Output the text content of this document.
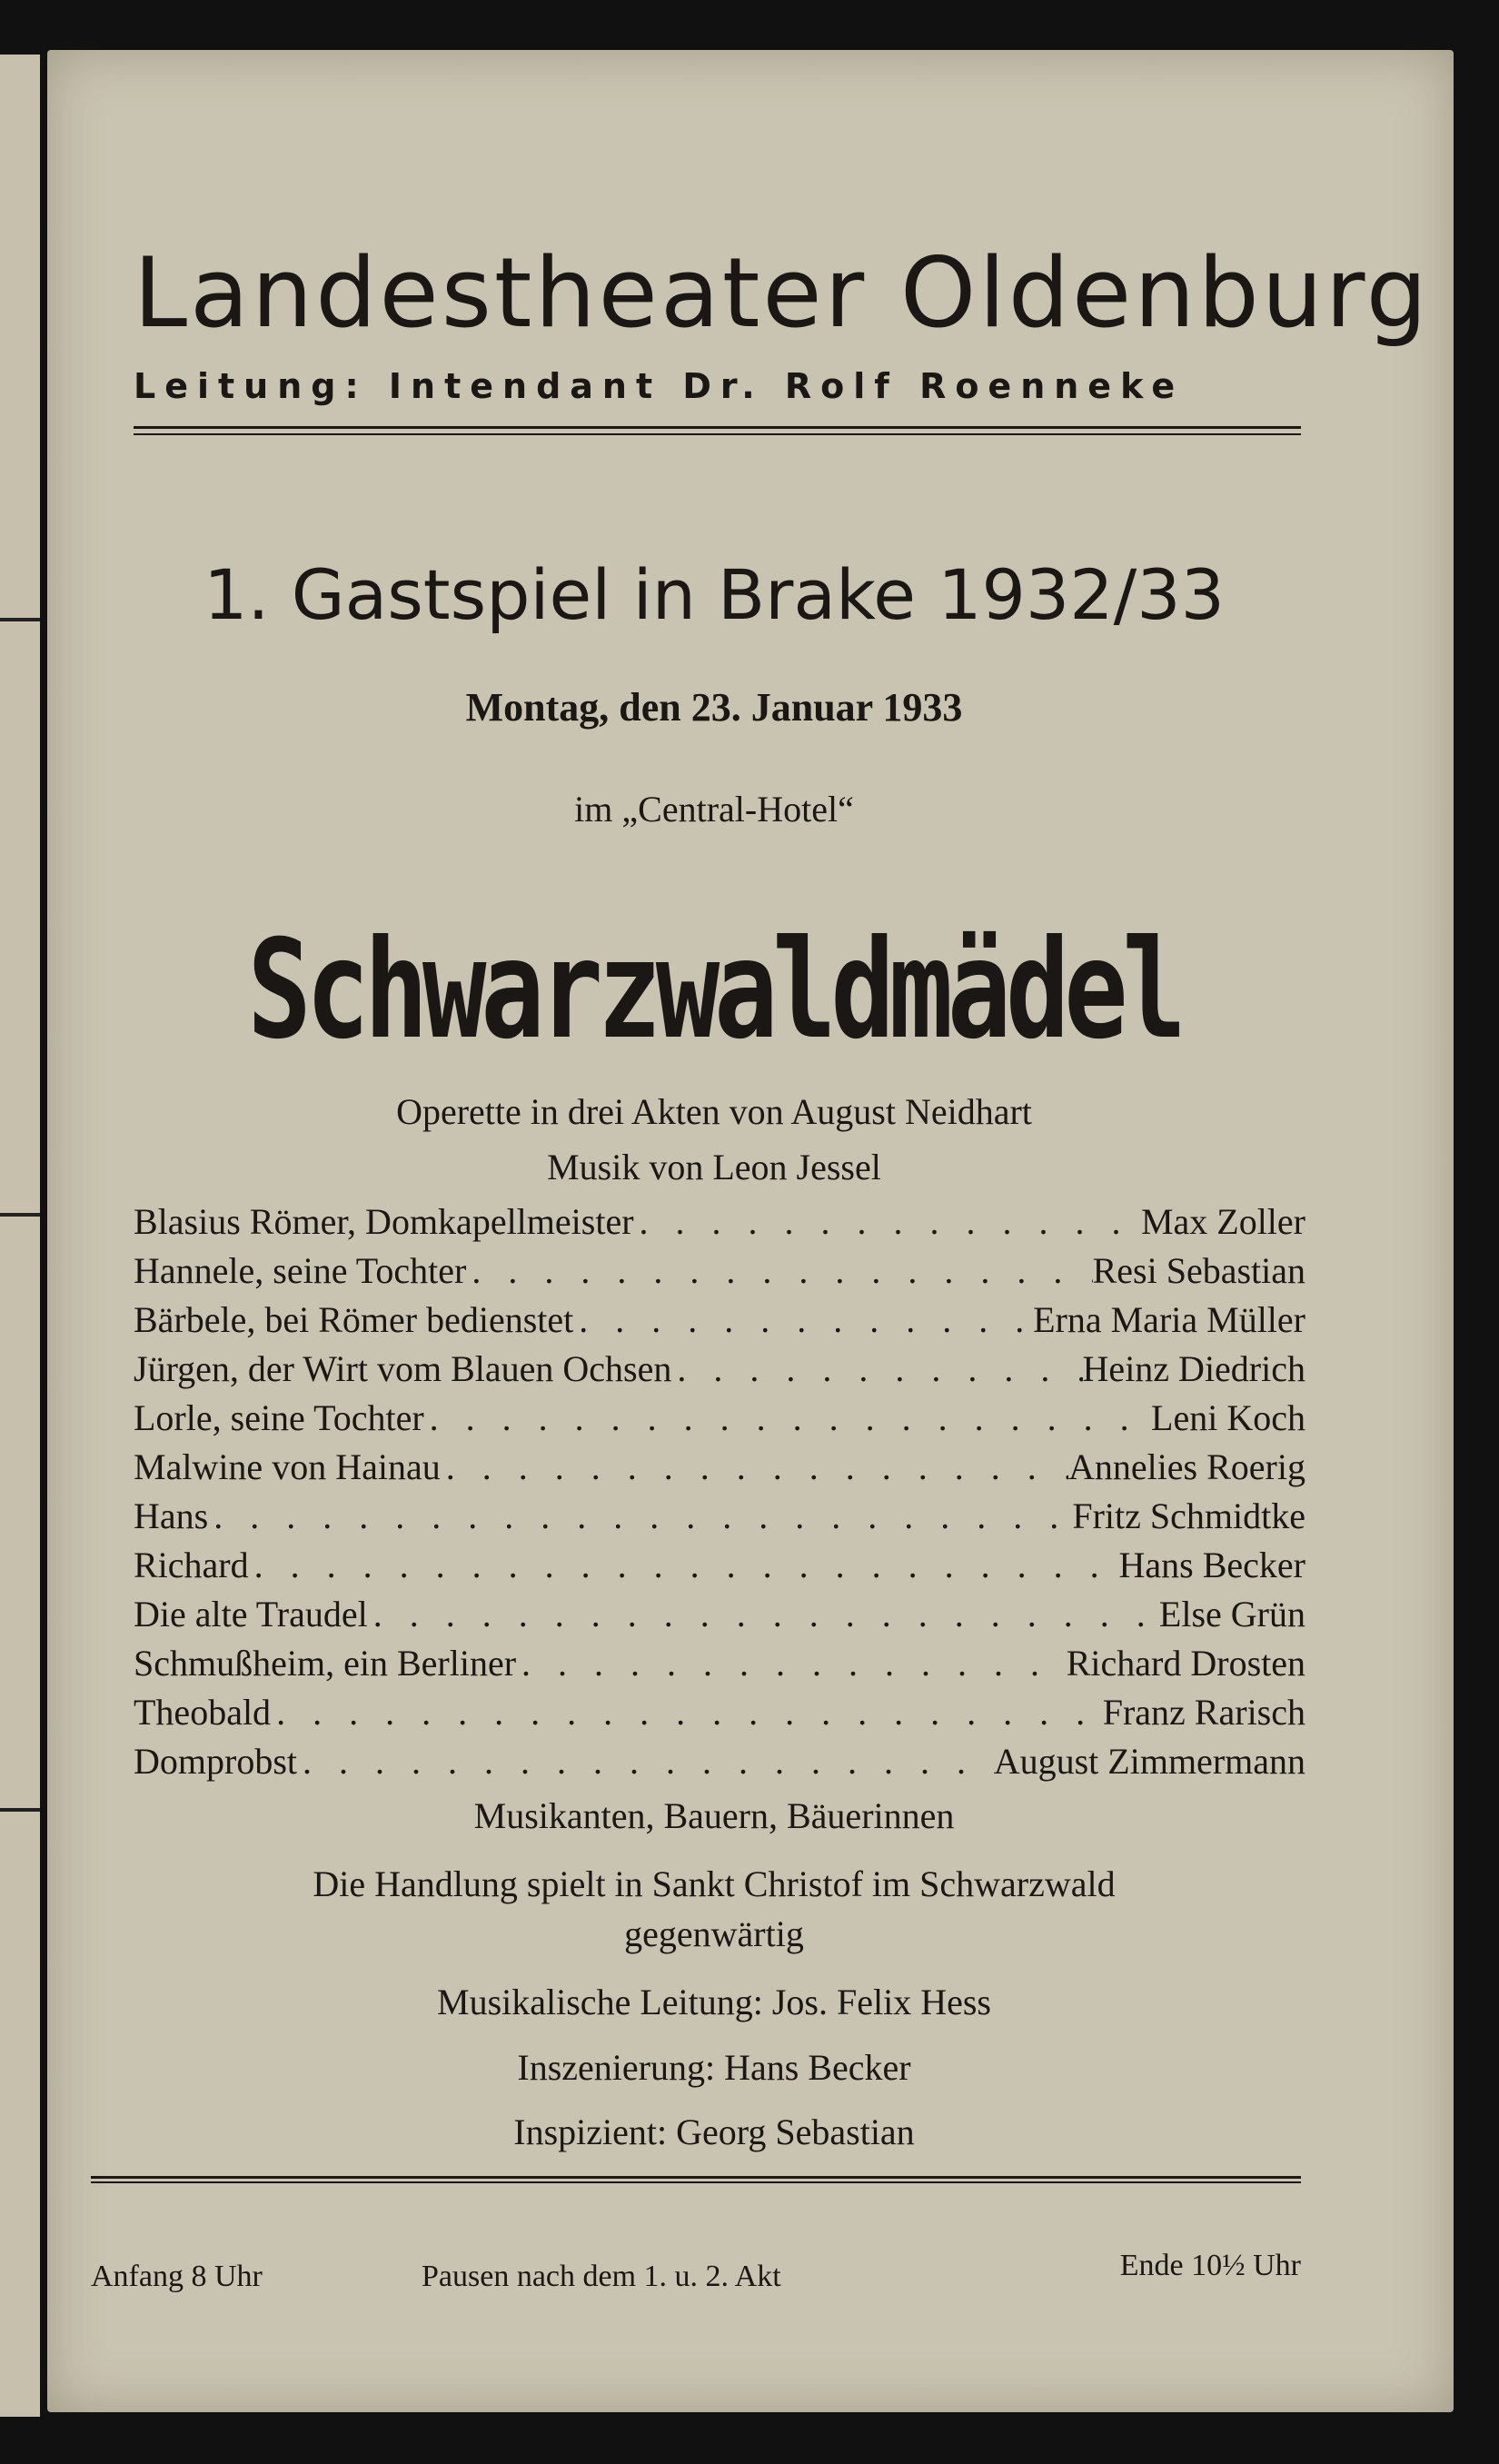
Landestheater Oldenburg
Leitung: Intendant Dr. Rolf Roenneke
1. Gastspiel in Brake 1932/33
Montag, den 23. Januar 1933
im „Central-Hotel“
Schwarzwaldmädel
Operette in drei Akten von August Neidhart
Musik von Leon Jessel
Blasius Römer, Domkapellmeister . . .	Max Zoller
Hannele, seine Tochter . . .	Resi Sebastian
Bärbele, bei Römer bedienstet . . .	Erna Maria Müller
Jürgen, der Wirt vom Blauen Ochsen . . .	Heinz Diedrich
Lorle, seine Tochter . . .	Leni Koch
Malwine von Hainau . . .	Annelies Roerig
Hans . . .	Fritz Schmidtke
Richard . . .	Hans Becker
Die alte Traudel . . .	Else Grün
Schmußheim, ein Berliner . . .	Richard Drosten
Theobald . . .	Franz Rarisch
Domprobst . . .	August Zimmermann
Musikanten, Bauern, Bäuerinnen
Die Handlung spielt in Sankt Christof im Schwarzwald
gegenwärtig
Musikalische Leitung: Jos. Felix Hess
Inszenierung: Hans Becker
Inspizient: Georg Sebastian
Anfang 8 Uhr	Pausen nach dem 1. u. 2. Akt	Ende 10½ Uhr
